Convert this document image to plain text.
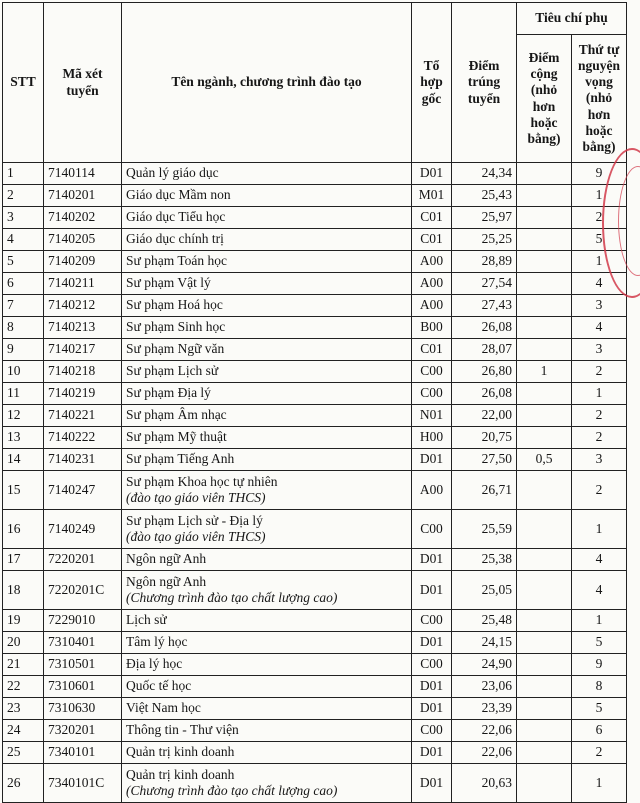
STT	Mã xét tuyển	Tên ngành, chương trình đào tạo	Tổ hợp gốc	Điểm trúng tuyển	Tiêu chí phụ	
					Điểm cộng (nhỏ hơn hoặc bằng)	Thứ tự nguyện vọng (nhỏ hơn hoặc bằng)
1	7140114	Quản lý giáo dục	D01	24,34		9
2	7140201	Giáo dục Mầm non	M01	25,43		1
3	7140202	Giáo dục Tiểu học	C01	25,97		2
4	7140205	Giáo dục chính trị	C01	25,25		5
5	7140209	Sư phạm Toán học	A00	28,89		1
6	7140211	Sư phạm Vật lý	A00	27,54		4
7	7140212	Sư phạm Hoá học	A00	27,43		3
8	7140213	Sư phạm Sinh học	B00	26,08		4
9	7140217	Sư phạm Ngữ văn	C01	28,07		3
10	7140218	Sư phạm Lịch sử	C00	26,80	1	2
11	7140219	Sư phạm Địa lý	C00	26,08		1
12	7140221	Sư phạm Âm nhạc	N01	22,00		2
13	7140222	Sư phạm Mỹ thuật	H00	20,75		2
14	7140231	Sư phạm Tiếng Anh	D01	27,50	0,5	3
15	7140247	Sư phạm Khoa học tự nhiên
(đào tạo giáo viên THCS)	A00	26,71		2
16	7140249	Sư phạm Lịch sử - Địa lý
(đào tạo giáo viên THCS)	C00	25,59		1
17	7220201	Ngôn ngữ Anh	D01	25,38		4
18	7220201C	Ngôn ngữ Anh
(Chương trình đào tạo chất lượng cao)	D01	25,05		4
19	7229010	Lịch sử	C00	25,48		1
20	7310401	Tâm lý học	D01	24,15		5
21	7310501	Địa lý học	C00	24,90		9
22	7310601	Quốc tế học	D01	23,06		8
23	7310630	Việt Nam học	D01	23,39		5
24	7320201	Thông tin - Thư viện	C00	22,06		6
25	7340101	Quản trị kinh doanh	D01	22,06		2
26	7340101C	Quản trị kinh doanh
(Chương trình đào tạo chất lượng cao)	D01	20,63		1
